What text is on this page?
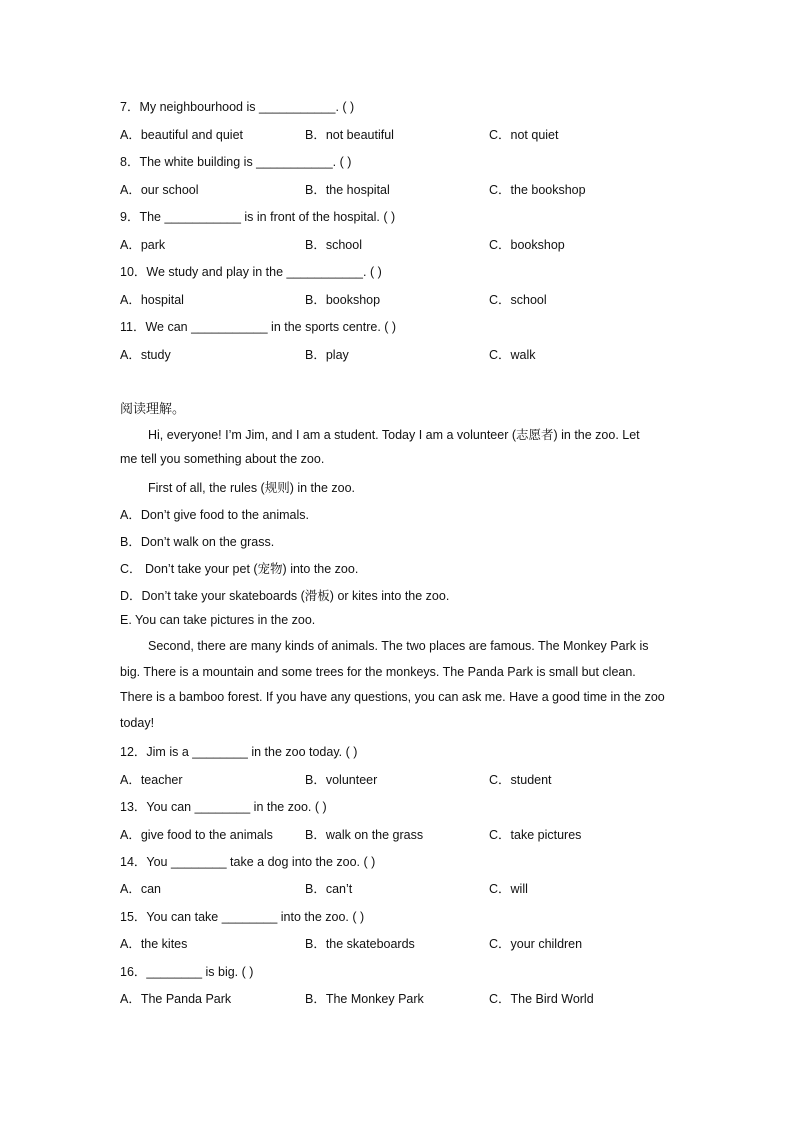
7．My neighbourhood is ___________. ( )
A．beautiful and quiet	B．not beautiful	C．not quiet
8．The white building is ___________. ( )
A．our school	B．the hospital	C．the bookshop
9．The ___________ is in front of the hospital. ( )
A．park	B．school	C．bookshop
10．We study and play in the ___________. ( )
A．hospital	B．bookshop	C．school
11．We can ___________ in the sports centre. ( )
A．study	B．play	C．walk
阅读理解。
Hi, everyone! I’m Jim, and I am a student. Today I am a volunteer (志愿者) in the zoo. Let
me tell you something about the zoo.
First of all, the rules (规则) in the zoo.
A．Don’t give food to the animals.
B．Don’t walk on the grass.
C． Don’t take your pet (宠物) into the zoo.
D．Don’t take your skateboards (滑板) or kites into the zoo.
E. You can take pictures in the zoo.
Second, there are many kinds of animals. The two places are famous. The Monkey Park is
big. There is a mountain and some trees for the monkeys. The Panda Park is small but clean.
There is a bamboo forest. If you have any questions, you can ask me. Have a good time in the zoo
today!
12．Jim is a ________ in the zoo today. ( )
A．teacher	B．volunteer	C．student
13．You can ________ in the zoo. ( )
A．give food to the animals	B．walk on the grass	C．take pictures
14．You ________ take a dog into the zoo. ( )
A．can	B．can’t	C．will
15．You can take ________ into the zoo. ( )
A．the kites	B．the skateboards	C．your children
16．________ is big. ( )
A．The Panda Park	B．The Monkey Park	C．The Bird World
